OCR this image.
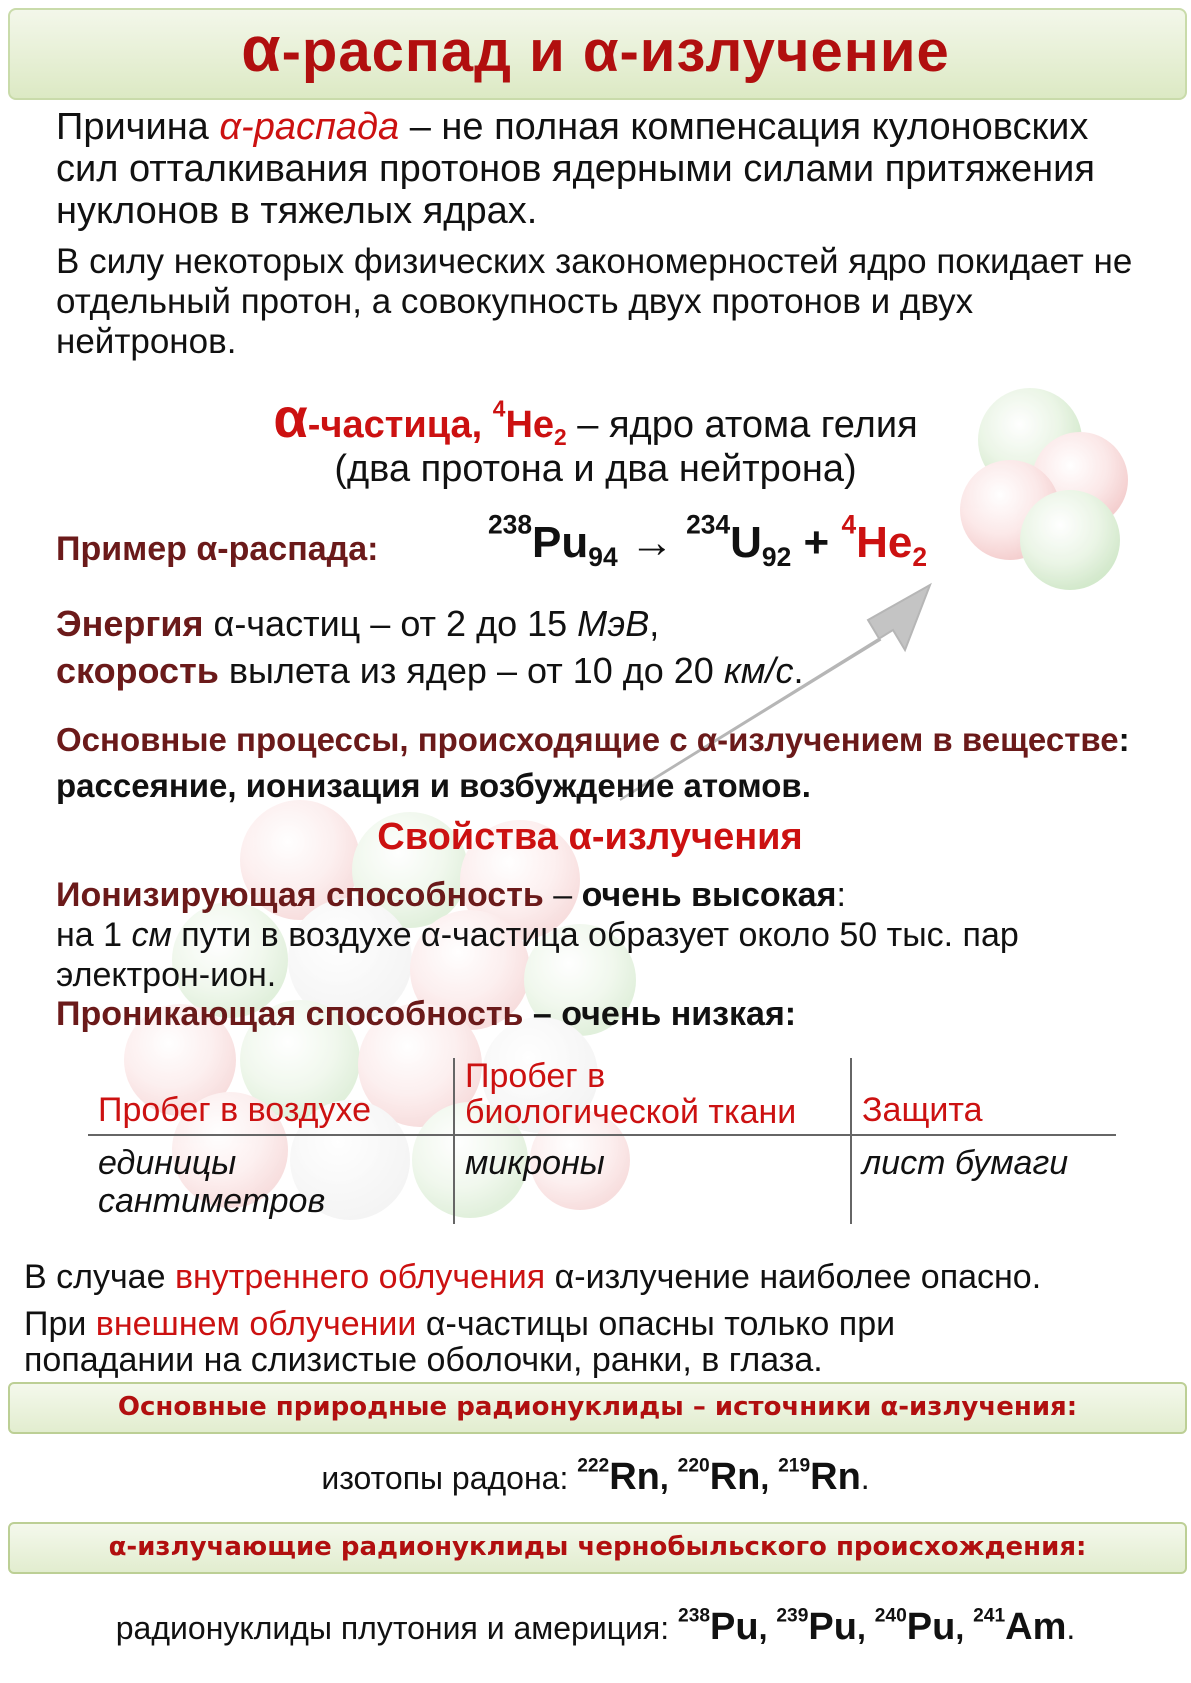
α-распад и α-излучение
Причина α-распада – не полная компенсация кулоновских сил отталкивания протонов ядерными силами притяжения нуклонов в тяжелых ядрах.
В силу некоторых физических закономерностей ядро покидает не отдельный протон, а совокупность двух протонов и двух нейтронов.
α-частица, $^4He_2$ – ядро атома гелия
(два протона и два нейтрона)
Пример α-распада:
$^{238}Pu_{94} \to ^{234}U_{92} + ^4He_2$
Энергия α-частиц – от 2 до 15 МэВ,
скорость вылета из ядер – от 10 до 20 км/с.
Основные процессы, происходящие с α-излучением в веществе: рассеяние, ионизация и возбуждение атомов.
Свойства α-излучения
Ионизирующая способность – очень высокая:
на 1 см пути в воздухе α-частица образует около 50 тыс. пар электрон-ион.
Проникающая способность – очень низкая:
Пробег в воздухе	Пробег в биологической ткани	Защита
единицы сантиметров	микроны	лист бумаги
В случае внутреннего облучения α-излучение наиболее опасно.
При внешнем облучении α-частицы опасны только при попадании на слизистые оболочки, ранки, в глаза.
Основные природные радионуклиды – источники α-излучения:
изотопы радона: $^{222}$Rn, $^{220}$Rn, $^{219}$Rn.
α-излучающие радионуклиды чернобыльского происхождения:
радионуклиды плутония и америция: $^{238}$Pu, $^{239}$Pu, $^{240}$Pu, $^{241}$Am.
